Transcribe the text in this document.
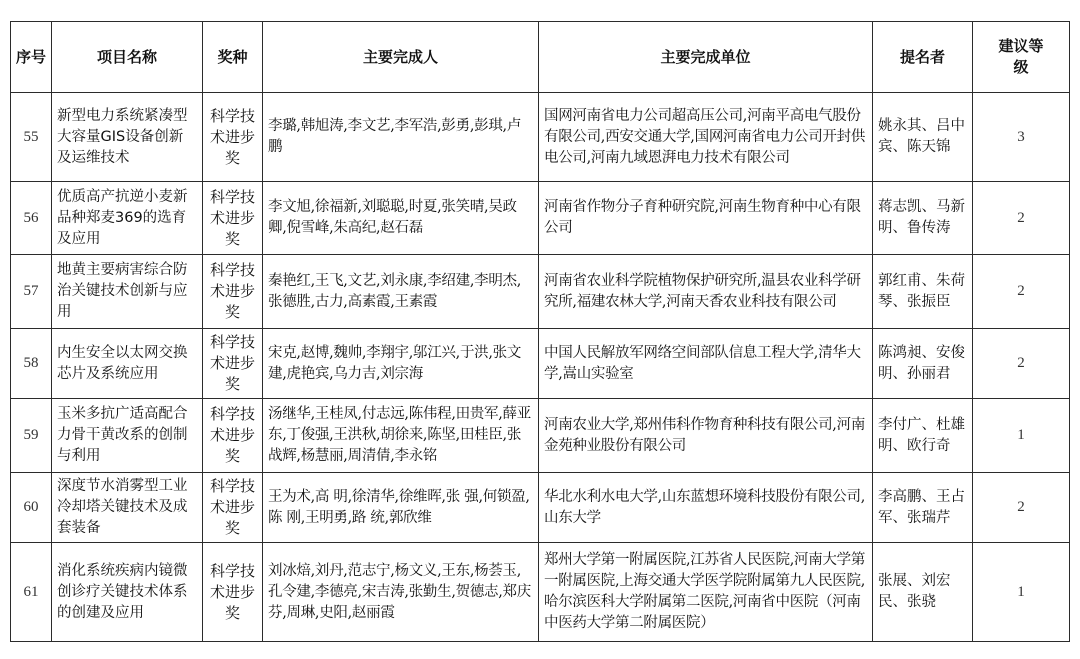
序号	项目名称	奖种	主要完成人	主要完成单位	提名者	建议等级
55	新型电力系统紧凑型大容量GIS设备创新及运维技术	科学技术进步奖	李璐,韩旭涛,李文艺,李军浩,彭勇,彭琪,卢鹏	国网河南省电力公司超高压公司,河南平高电气股份有限公司,西安交通大学,国网河南省电力公司开封供电公司,河南九域恩湃电力技术有限公司	姚永其、吕中宾、陈天锦	3
56	优质高产抗逆小麦新品种郑麦369的选育及应用	科学技术进步奖	李文旭,徐福新,刘聪聪,时夏,张笑晴,吴政卿,倪雪峰,朱高纪,赵石磊	河南省作物分子育种研究院,河南生物育种中心有限公司	蒋志凯、马新明、鲁传涛	2
57	地黄主要病害综合防治关键技术创新与应用	科学技术进步奖	秦艳红,王飞,文艺,刘永康,李绍建,李明杰,张德胜,古力,高素霞,王素霞	河南省农业科学院植物保护研究所,温县农业科学研究所,福建农林大学,河南天香农业科技有限公司	郭红甫、朱荷琴、张振臣	2
58	内生安全以太网交换芯片及系统应用	科学技术进步奖	宋克,赵博,魏帅,李翔宇,邬江兴,于洪,张文建,虎艳宾,乌力吉,刘宗海	中国人民解放军网络空间部队信息工程大学,清华大学,嵩山实验室	陈鸿昶、安俊明、孙丽君	2
59	玉米多抗广适高配合力骨干黄改系的创制与利用	科学技术进步奖	汤继华,王桂凤,付志远,陈伟程,田贵军,薛亚东,丁俊强,王洪秋,胡徐来,陈坚,田桂臣,张战辉,杨慧丽,周清倩,李永铭	河南农业大学,郑州伟科作物育种科技有限公司,河南金苑种业股份有限公司	李付广、杜雄明、欧行奇	1
60	深度节水消雾型工业冷却塔关键技术及成套装备	科学技术进步奖	王为术,高 明,徐清华,徐维晖,张 强,何锁盈,陈 刚,王明勇,路 统,郭欣维	华北水利水电大学,山东蓝想环境科技股份有限公司,山东大学	李高鹏、王占军、张瑞芹	2
61	消化系统疾病内镜微创诊疗关键技术体系的创建及应用	科学技术进步奖	刘冰焙,刘丹,范志宁,杨文义,王东,杨荟玉,孔令建,李德亮,宋吉涛,张勤生,贺德志,郑庆芬,周琳,史阳,赵丽霞	郑州大学第一附属医院,江苏省人民医院,河南大学第一附属医院,上海交通大学医学院附属第九人民医院,哈尔滨医科大学附属第二医院,河南省中医院（河南中医药大学第二附属医院）	张展、刘宏民、张骁	1
